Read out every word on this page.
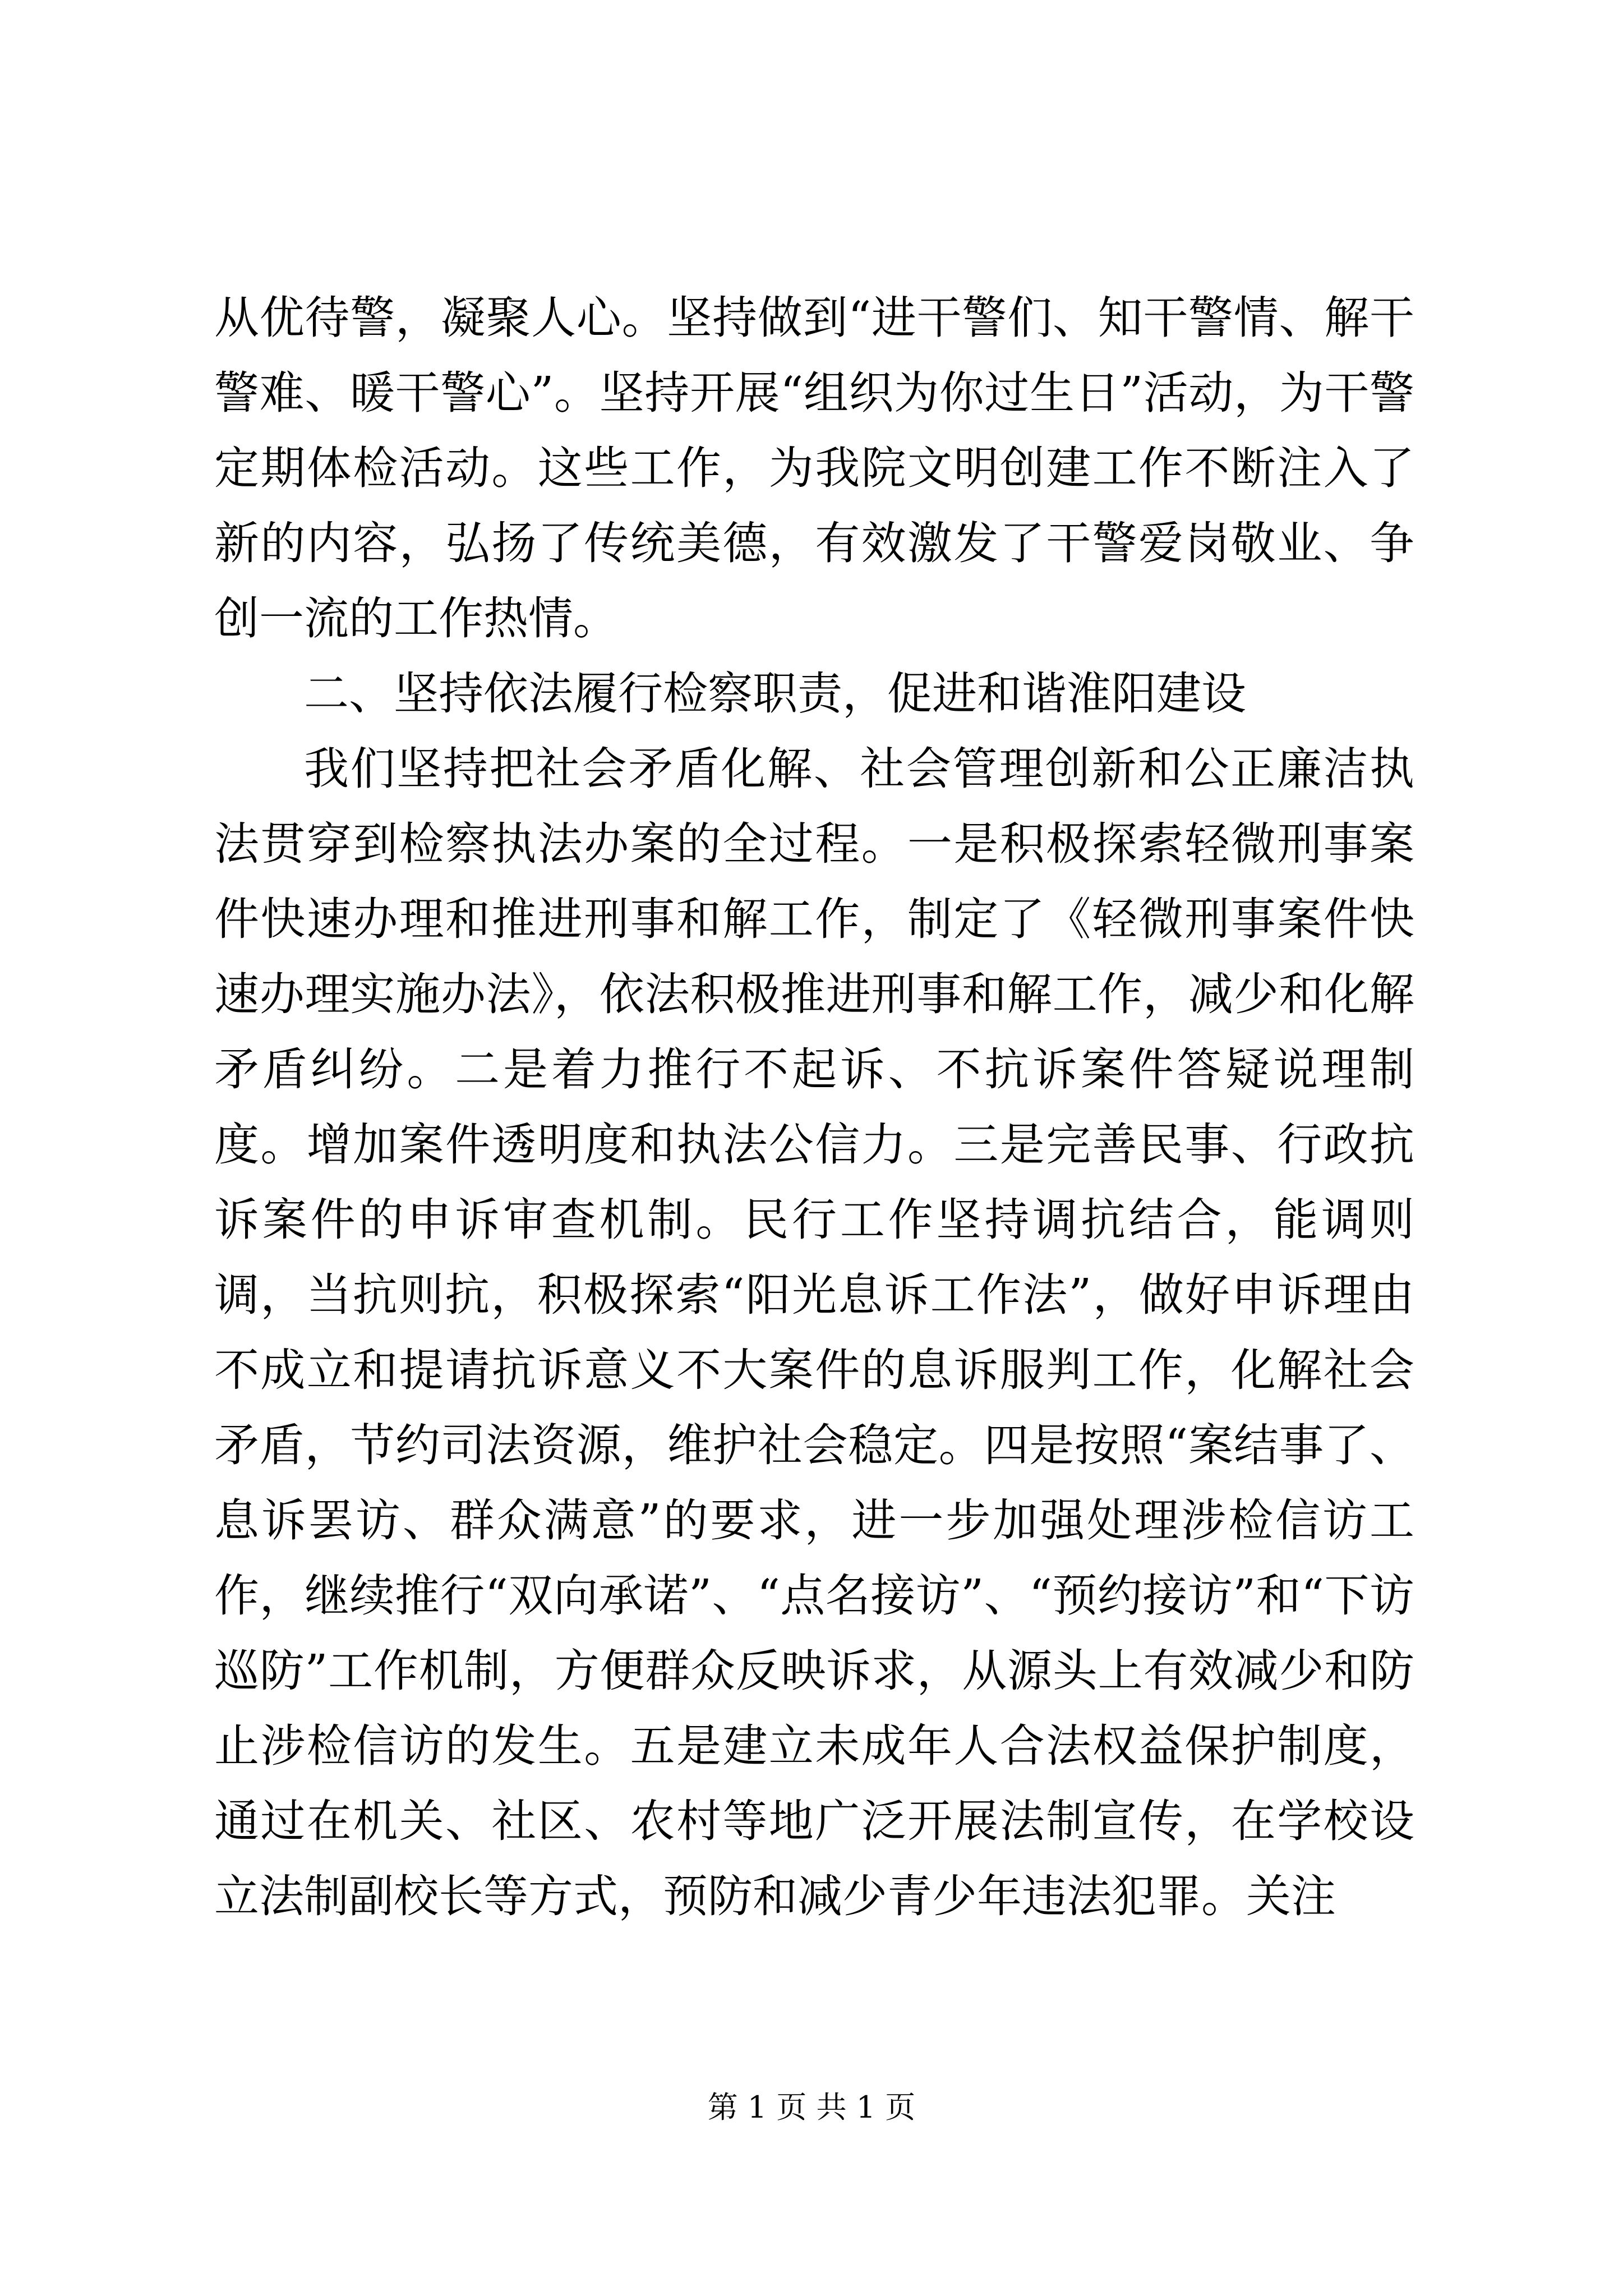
从优待警，凝聚人心。坚持做到“进干警们、知干警情、解干警难、暖干警心”。坚持开展“组织为你过生日”活动，为干警定期体检活动。这些工作，为我院文明创建工作不断注入了新的内容，弘扬了传统美德，有效激发了干警爱岗敬业、争创一流的工作热情。

二、坚持依法履行检察职责，促进和谐淮阳建设

我们坚持把社会矛盾化解、社会管理创新和公正廉洁执法贯穿到检察执法办案的全过程。一是积极探索轻微刑事案件快速办理和推进刑事和解工作，制定了《轻微刑事案件快速办理实施办法》，依法积极推进刑事和解工作，减少和化解矛盾纠纷。二是着力推行不起诉、不抗诉案件答疑说理制度。增加案件透明度和执法公信力。三是完善民事、行政抗诉案件的申诉审查机制。民行工作坚持调抗结合，能调则调，当抗则抗，积极探索“阳光息诉工作法”，做好申诉理由不成立和提请抗诉意义不大案件的息诉服判工作，化解社会矛盾，节约司法资源，维护社会稳定。四是按照“案结事了、息诉罢访、群众满意”的要求，进一步加强处理涉检信访工作，继续推行“双向承诺”、“点名接访”、“预约接访”和“下访巡防”工作机制，方便群众反映诉求，从源头上有效减少和防止涉检信访的发生。五是建立未成年人合法权益保护制度，通过在机关、社区、农村等地广泛开展法制宣传，在学校设立法制副校长等方式，预防和减少青少年违法犯罪。关注

第 1 页 共 1 页
